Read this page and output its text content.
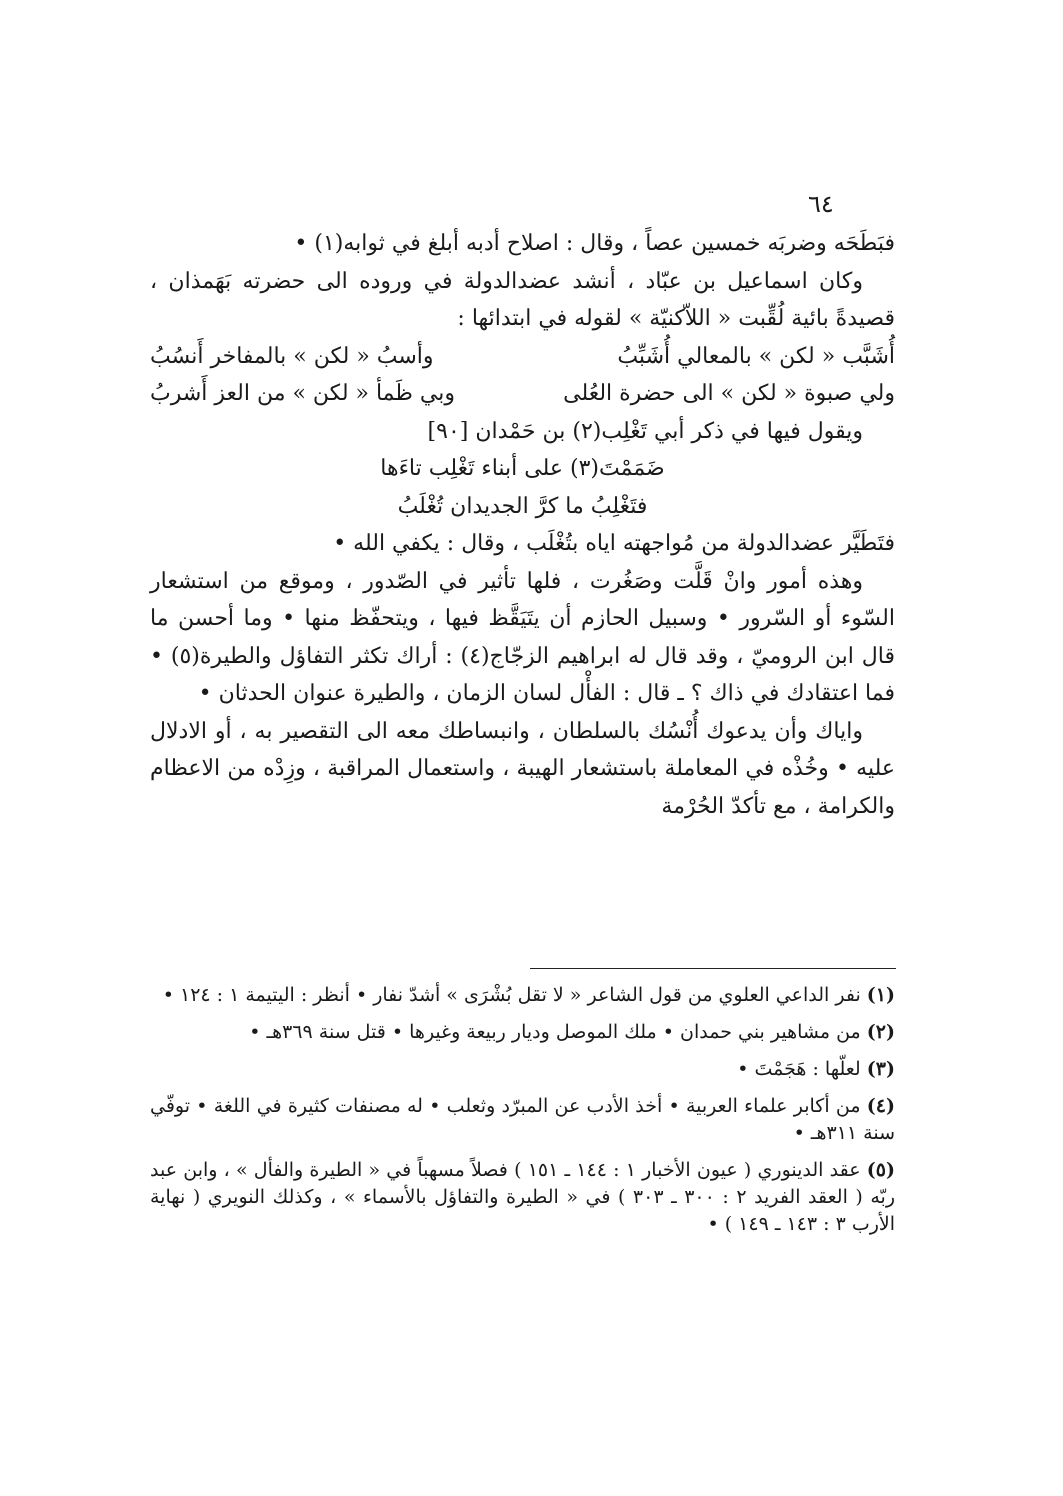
٦٤

فبَطَحَه وضربَه خمسين عصاً ، وقال : اصلاح أدبه أبلغ في ثوابه(١) •

وكان اسماعيل بن عبّاد ، أنشد عضدالدولة في وروده الى حضرته بَهَمذان ، قصيدةً بائية لُقِّبت « اللاّكنيّة » لقوله في ابتدائها :

أُشَبَّب « لكن » بالمعالي أُشَبِّبُ
وأسبُ « لكن » بالمفاخر أَنسُبُ
ولي صبوة « لكن » الى حضرة العُلى
وبي ظَمأ « لكن » من العز أَشربُ

ويقول فيها في ذكر أبي تَغْلِب(٢) بن حَمْدان [٩٠]

ضَمَمْتَ(٣) على أبناء تَغْلِب تاءَها

فتَغْلِبُ ما كرَّ الجديدان تُغْلَبُ

فتَطَيَّر عضدالدولة من مُواجهته اياه بتُغْلَب ، وقال : يكفي الله •

وهذه أمور وانْ قَلَّت وصَغُرت ، فلها تأثير في الصّدور ، وموقع من استشعار السّوء أو السّرور • وسبيل الحازم أن يتَيَقَّظ فيها ، ويتحفّظ منها • وما أحسن ما قال ابن الروميّ ، وقد قال له ابراهيم الزجّاج(٤) : أراك تكثر التفاؤل والطيرة(٥) • فما اعتقادك في ذاك ؟ ـ قال : الفأْل لسان الزمان ، والطيرة عنوان الحدثان •

واياك وأن يدعوك أُنْسُك بالسلطان ، وانبساطك معه الى التقصير به ، أو الادلال عليه • وخُذْه في المعاملة باستشعار الهيبة ، واستعمال المراقبة ، وزِدْه من الاعظام والكرامة ، مع تأكدّ الحُرْمة

(١) نفر الداعي العلوي من قول الشاعر « لا تقل بُشْرَى » أشدّ نفار • أنظر : اليتيمة ١ : ١٢٤ •

(٢) من مشاهير بني حمدان • ملك الموصل وديار ربيعة وغيرها • قتل سنة ٣٦٩هـ •

(٣) لعلّها : هَجَمْتَ •

(٤) من أكابر علماء العربية • أخذ الأدب عن المبرّد وثعلب • له مصنفات كثيرة في اللغة • توفّي سنة ٣١١هـ •

(٥) عقد الدينوري ( عيون الأخبار ١ : ١٤٤ ـ ١٥١ ) فصلاً مسهباً في « الطيرة والفأل » ، وابن عبد ربّه ( العقد الفريد ٢ : ٣٠٠ ـ ٣٠٣ ) في « الطيرة والتفاؤل بالأسماء » ، وكذلك النويري ( نهاية الأرب ٣ : ١٤٣ ـ ١٤٩ ) •
